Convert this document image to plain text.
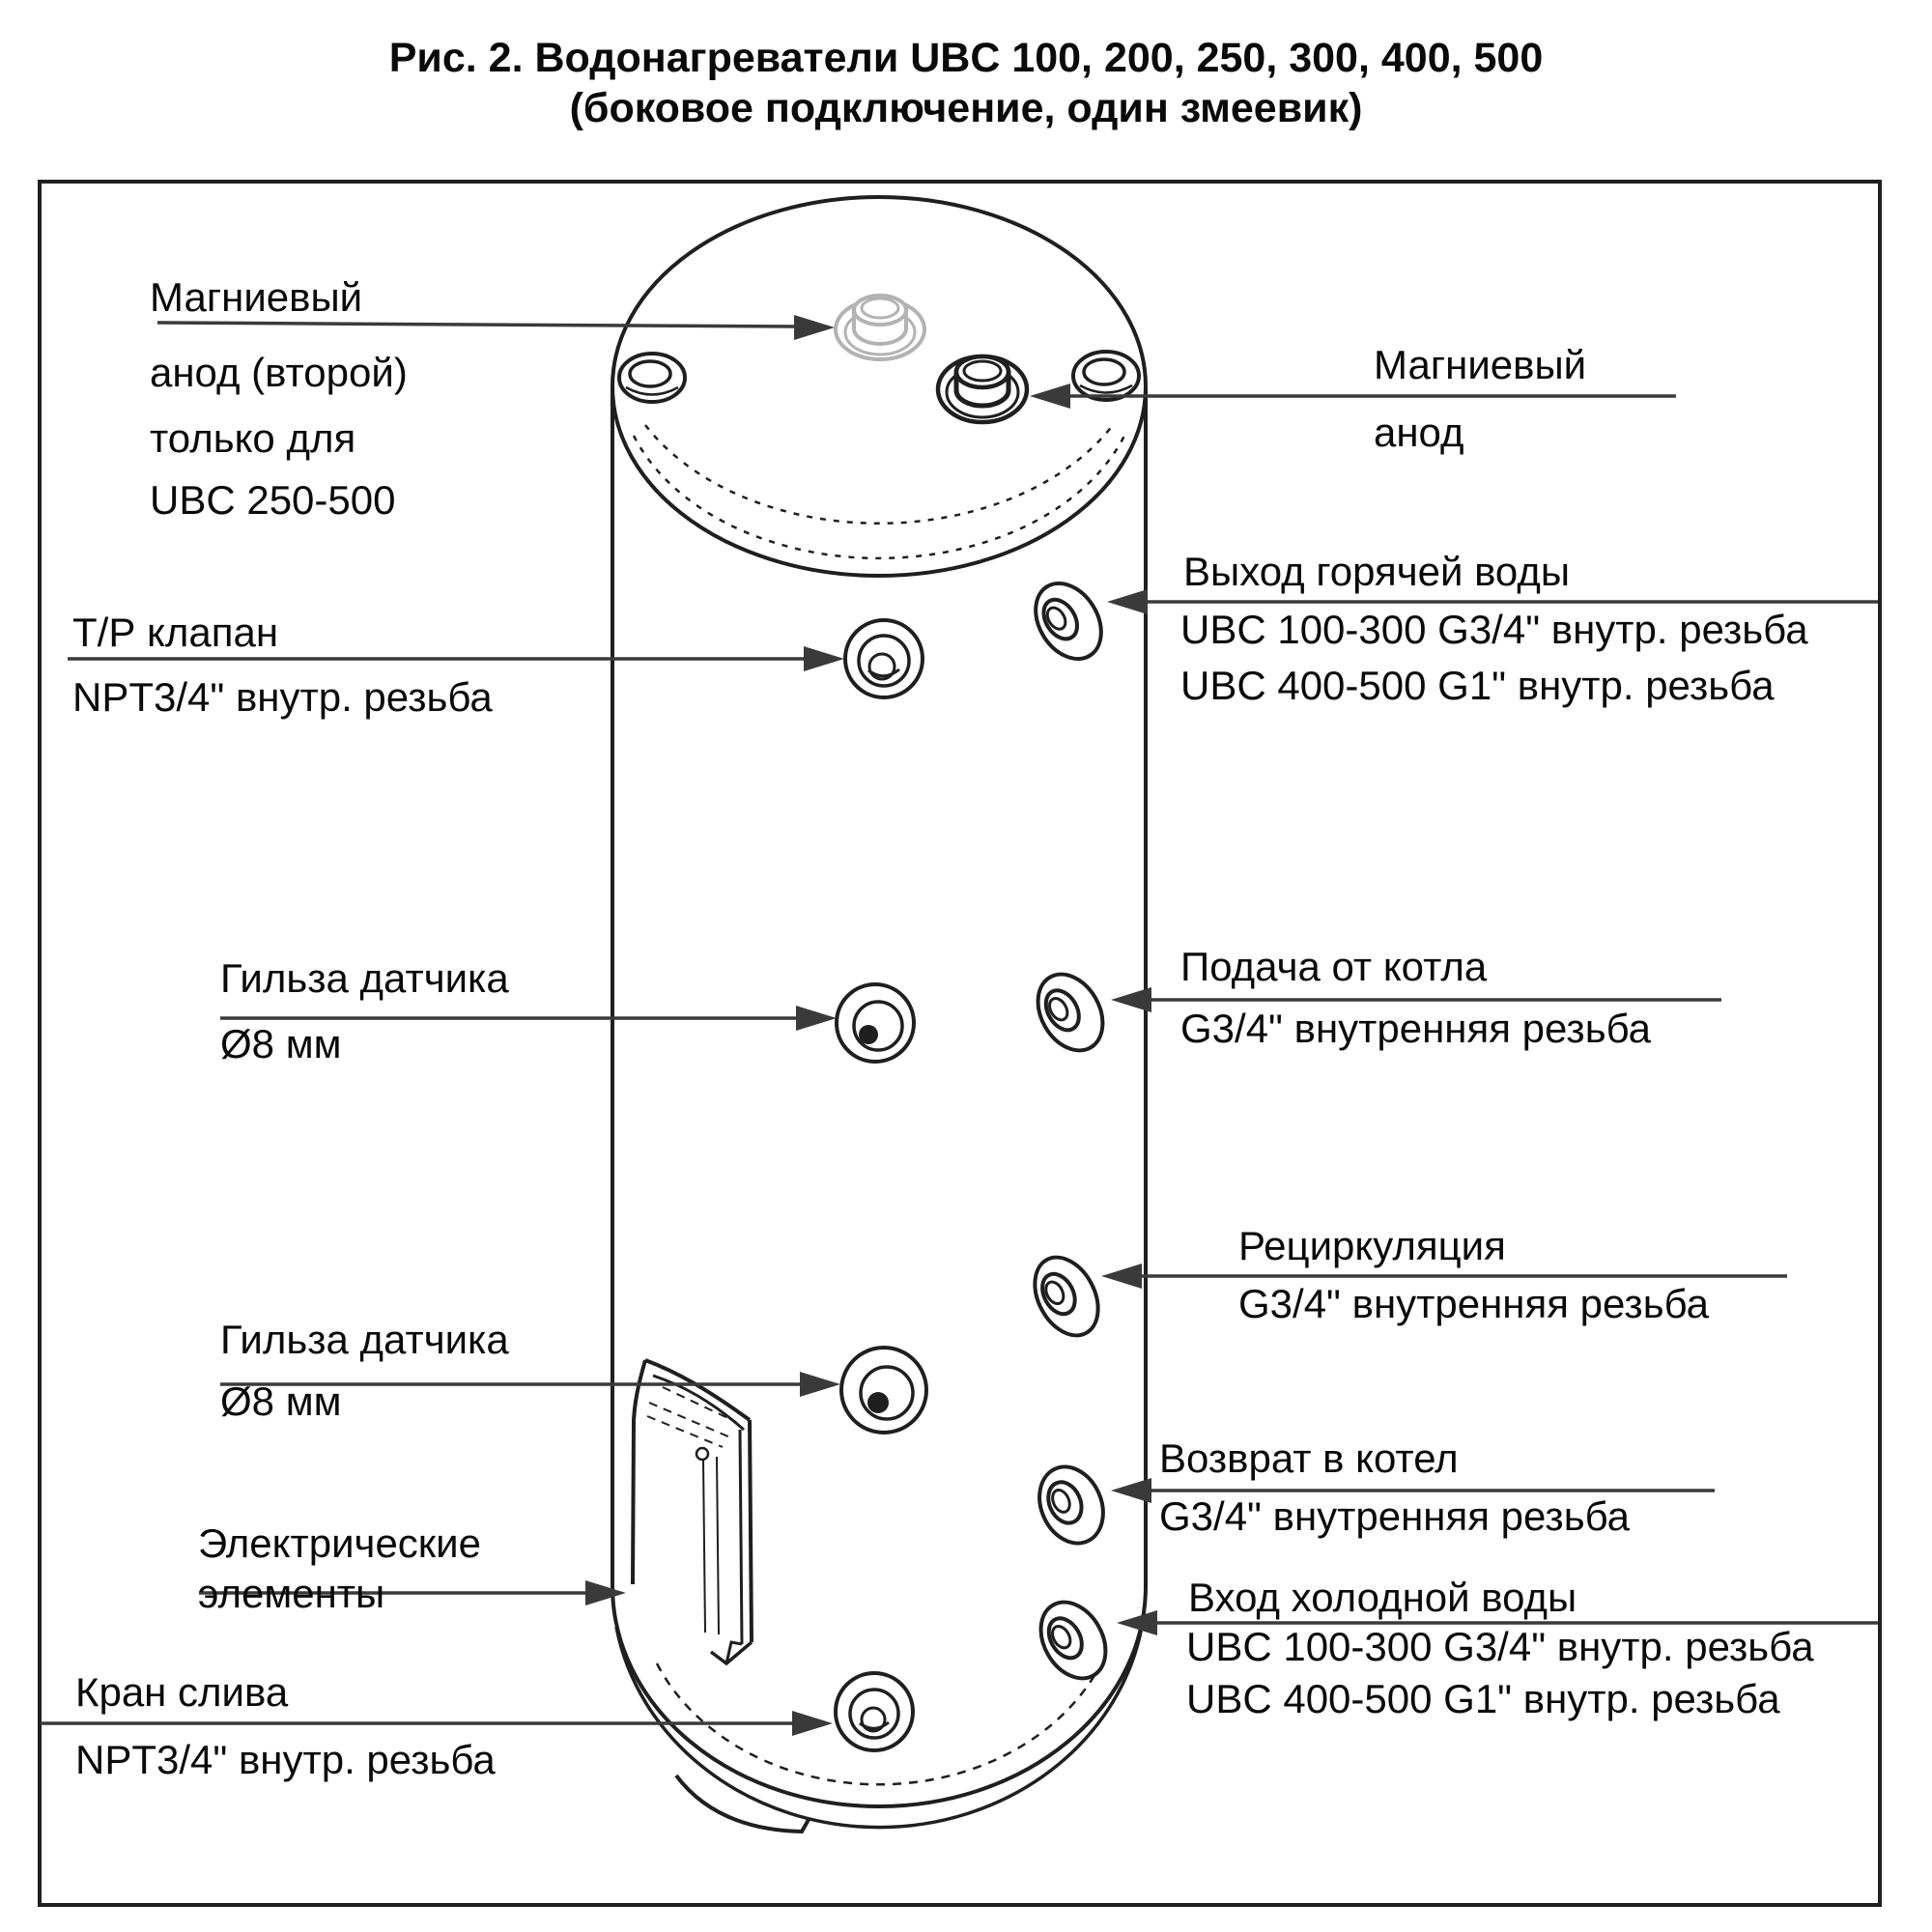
Рис. 2. Водонагреватели UBC 100, 200, 250, 300, 400, 500
(боковое подключение, один змеевик)
Магниевый
анод (второй)
только для
UBC 250-500
Т/Р клапан
NPT3/4" внутр. резьба
Гильза датчика
Ø8 мм
Гильза датчика
Ø8 мм
Электрические
элементы
Кран слива
NPT3/4" внутр. резьба
Магниевый
анод
Выход горячей воды
UBC 100-300 G3/4" внутр. резьба
UBC 400-500 G1" внутр. резьба
Подача от котла
G3/4" внутренняя резьба
Рециркуляция
G3/4" внутренняя резьба
Возврат в котел
G3/4" внутренняя резьба
Вход холодной воды
UBC 100-300 G3/4" внутр. резьба
UBC 400-500 G1" внутр. резьба
